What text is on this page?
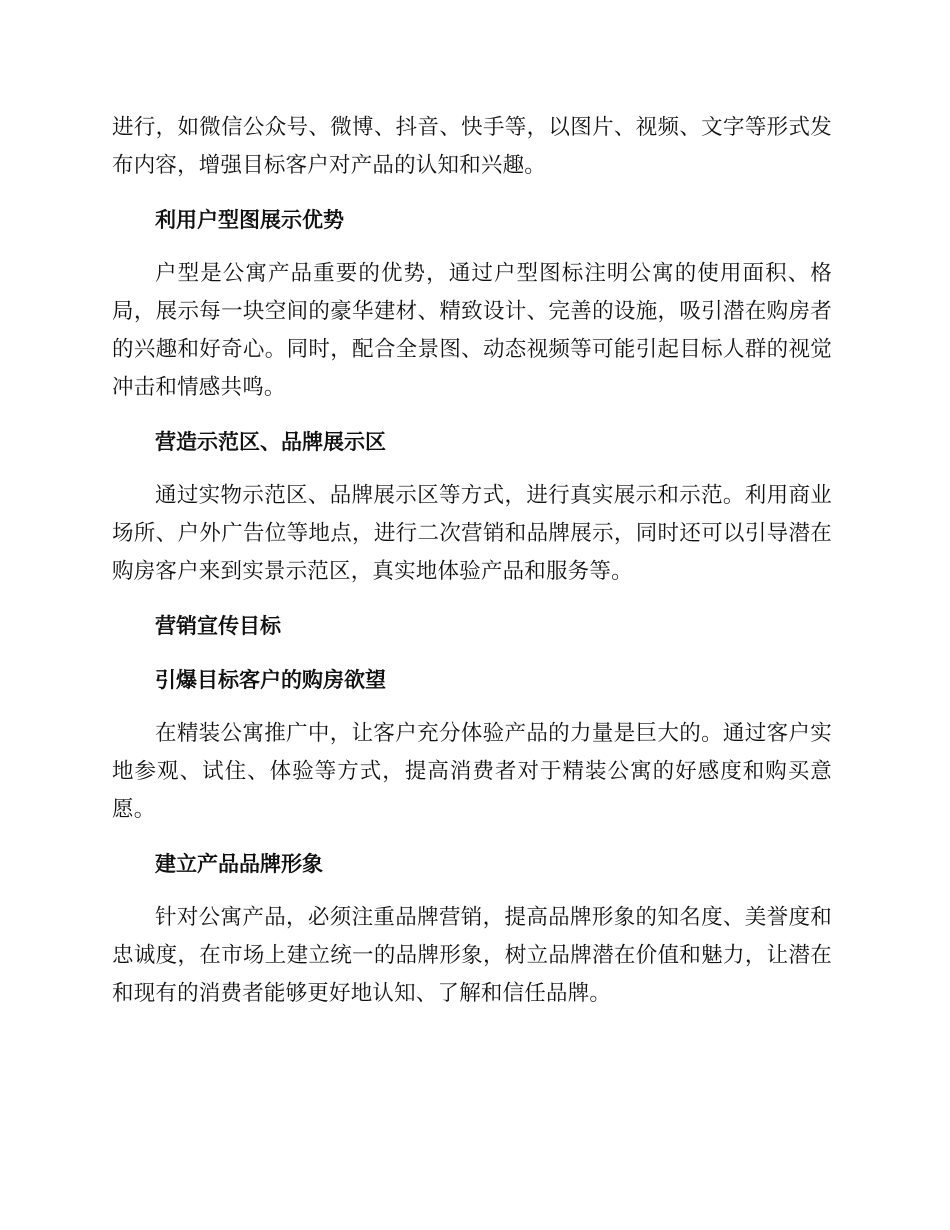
进行，如微信公众号、微博、抖音、快手等，以图片、视频、文字等形式发布内容，增强目标客户对产品的认知和兴趣。

利用户型图展示优势

户型是公寓产品重要的优势，通过户型图标注明公寓的使用面积、格局，展示每一块空间的豪华建材、精致设计、完善的设施，吸引潜在购房者的兴趣和好奇心。同时，配合全景图、动态视频等可能引起目标人群的视觉冲击和情感共鸣。

营造示范区、品牌展示区

通过实物示范区、品牌展示区等方式，进行真实展示和示范。利用商业场所、户外广告位等地点，进行二次营销和品牌展示，同时还可以引导潜在购房客户来到实景示范区，真实地体验产品和服务等。

营销宣传目标
引爆目标客户的购房欲望

在精装公寓推广中，让客户充分体验产品的力量是巨大的。通过客户实地参观、试住、体验等方式，提高消费者对于精装公寓的好感度和购买意愿。

建立产品品牌形象

针对公寓产品，必须注重品牌营销，提高品牌形象的知名度、美誉度和忠诚度，在市场上建立统一的品牌形象，树立品牌潜在价值和魅力，让潜在和现有的消费者能够更好地认知、了解和信任品牌。
